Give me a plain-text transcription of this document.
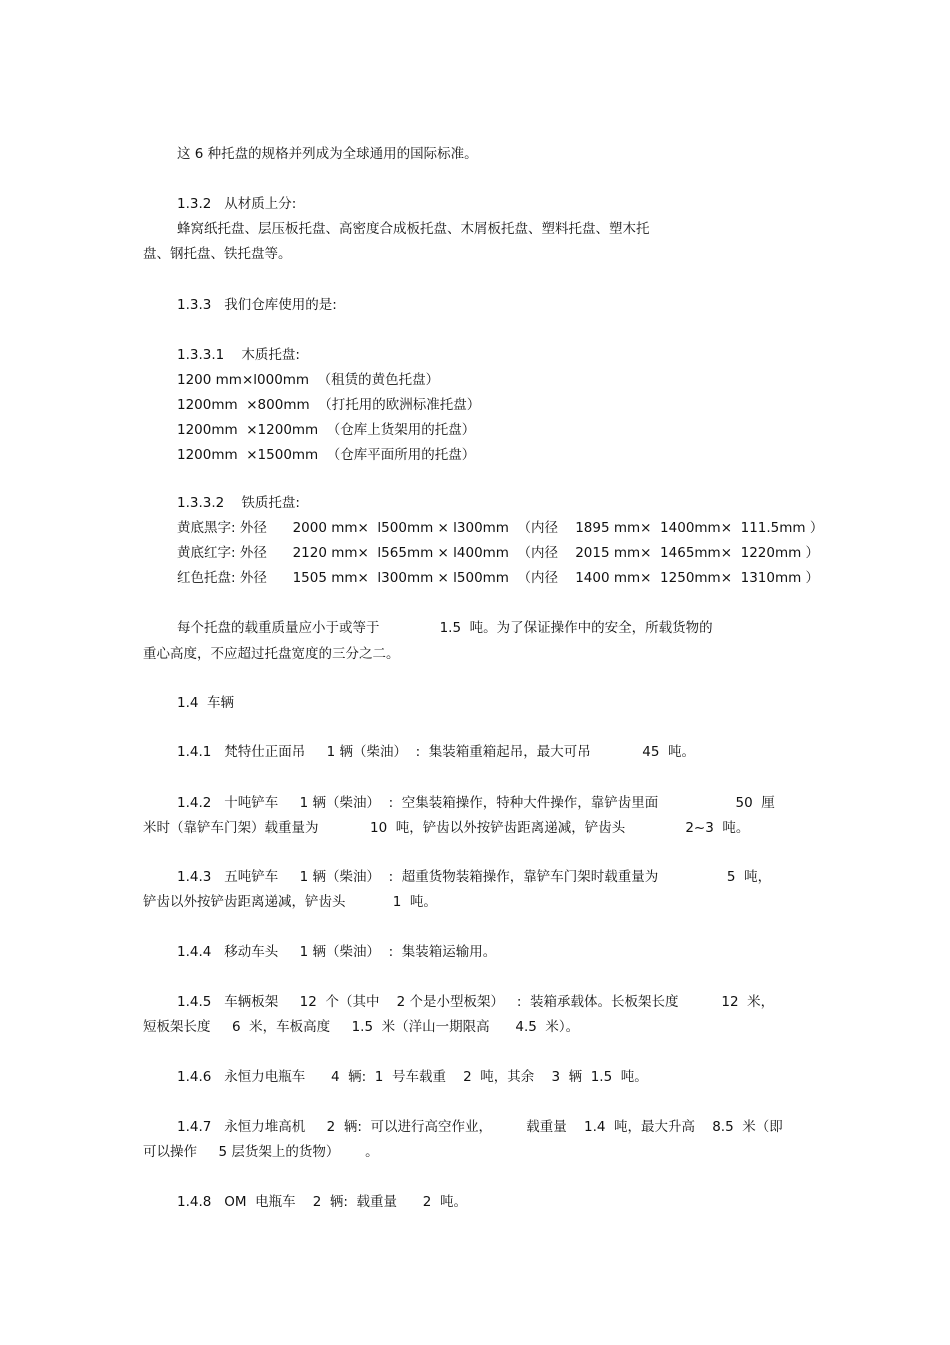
这 6 种托盘的规格并列成为全球通用的国际标准。
1.3.2   从材质上分:
蜂窝纸托盘、层压板托盘、高密度合成板托盘、木屑板托盘、塑料托盘、塑木托
盘、钢托盘、铁托盘等。
1.3.3   我们仓库使用的是:
1.3.3.1    木质托盘:
1200 mm×l000mm  （租赁的黄色托盘）
1200mm  ×800mm  （打托用的欧洲标准托盘）
1200mm  ×1200mm  （仓库上货架用的托盘）
1200mm  ×1500mm  （仓库平面所用的托盘）
1.3.3.2    铁质托盘:
黄底黑字: 外径      2000 mm×  l500mm × l300mm  （内径    1895 mm×  1400mm×  111.5mm ）
黄底红字: 外径      2120 mm×  l565mm × l400mm  （内径    2015 mm×  1465mm×  1220mm ）
红色托盘: 外径      1505 mm×  l300mm × l500mm  （内径    1400 mm×  1250mm×  1310mm ）
每个托盘的载重质量应小于或等于              1.5  吨。为了保证操作中的安全，所载货物的
重心高度，不应超过托盘宽度的三分之二。
1.4  车辆
1.4.1   梵特仕正面吊     1 辆（柴油）  :  集装箱重箱起吊，最大可吊            45  吨。
1.4.2   十吨铲车     1 辆（柴油）  :  空集装箱操作，特种大件操作，靠铲齿里面                  50  厘
米时（靠铲车门架）载重量为            10  吨，铲齿以外按铲齿距离递减，铲齿头              2~3  吨。
1.4.3   五吨铲车     1 辆（柴油）  :  超重货物装箱操作，靠铲车门架时载重量为                5  吨，
铲齿以外按铲齿距离递减，铲齿头           1  吨。
1.4.4   移动车头     1 辆（柴油）  :  集装箱运输用。
1.4.5   车辆板架     12  个（其中    2 个是小型板架）   :  装箱承载体。长板架长度          12  米，
短板架长度     6  米，车板高度     1.5  米（洋山一期限高      4.5  米）。
1.4.6   永恒力电瓶车      4  辆:  1  号车载重    2  吨，其余    3  辆  1.5  吨。
1.4.7   永恒力堆高机     2  辆:  可以进行高空作业，        载重量    1.4  吨，最大升高    8.5  米（即
可以操作     5 层货架上的货物）      。
1.4.8   OM  电瓶车    2  辆:  载重量      2  吨。
